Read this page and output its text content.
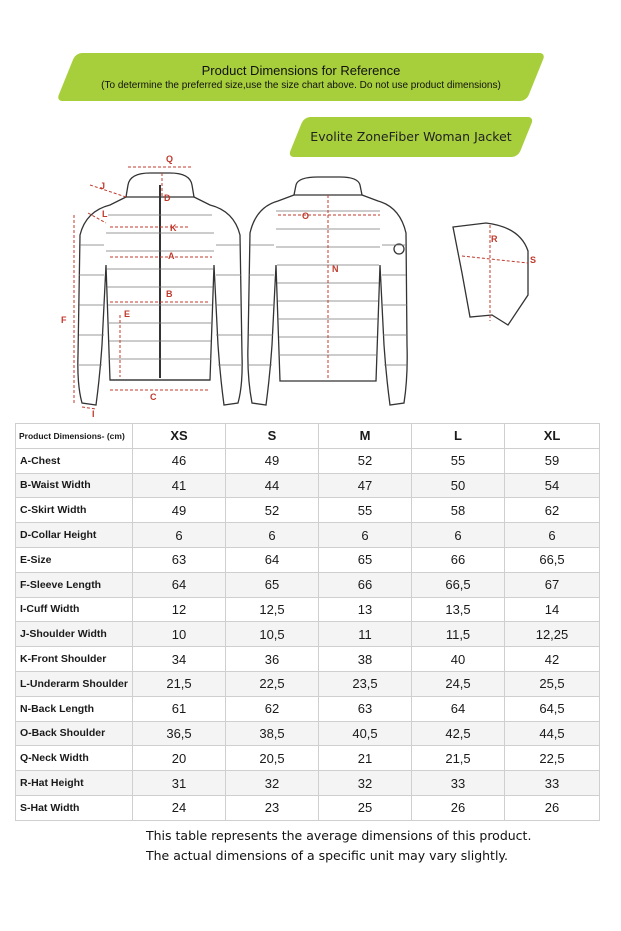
Product Dimensions for Reference
(To determine the preferred size,use the size chart above. Do not use product dimensions)
Evolite ZoneFiber Woman Jacket
Q
J
D
L
K
A
B
E
F
C
I
O
N
R
S
Product Dimensions- (cm)	XS	S	M	L	XL
A-Chest	46	49	52	55	59
B-Waist Width	41	44	47	50	54
C-Skirt Width	49	52	55	58	62
D-Collar Height	6	6	6	6	6
E-Size	63	64	65	66	66,5
F-Sleeve Length	64	65	66	66,5	67
I-Cuff Width	12	12,5	13	13,5	14
J-Shoulder Width	10	10,5	11	11,5	12,25
K-Front Shoulder	34	36	38	40	42
L-Underarm Shoulder	21,5	22,5	23,5	24,5	25,5
N-Back Length	61	62	63	64	64,5
O-Back Shoulder	36,5	38,5	40,5	42,5	44,5
Q-Neck Width	20	20,5	21	21,5	22,5
R-Hat Height	31	32	32	33	33
S-Hat Width	24	23	25	26	26
This table represents the average dimensions of this product.
The actual dimensions of a specific unit may vary slightly.
